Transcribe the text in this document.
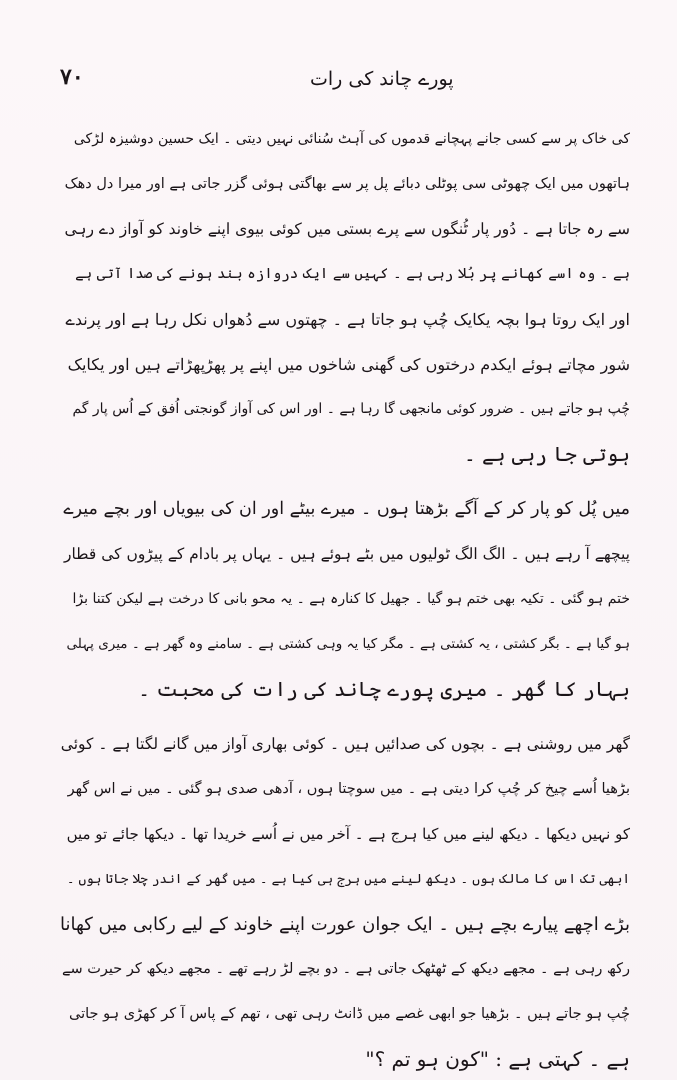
۷۰	پورے چاند کی رات
کی خاک پر سے کسی جانے پہچانے قدموں کی آہٹ سُنائی نہیں دیتی ۔ ایک حسین دوشیزہ لڑکی
ہاتھوں میں ایک چھوٹی سی پوٹلی دبائے پل پر سے بھاگتی ہوئی گزر جاتی ہے اور میرا دل دھک
سے رہ جاتا ہے ۔ دُور پار ٹُنگوں سے پرے بستی میں کوئی بیوی اپنے خاوند کو آواز دے رہی
ہے ۔ وہ اسے کھانے پر بُلا رہی ہے ۔ کہیں سے ایک دروازہ بند ہونے کی صدا آتی ہے
اور ایک روتا ہوا بچہ یکایک چُپ ہو جاتا ہے ۔ چھتوں سے دُھواں نکل رہا ہے اور پرندے
شور مچاتے ہوئے ایکدم درختوں کی گھنی شاخوں میں اپنے پر پھڑپھڑاتے ہیں اور یکایک
چُپ ہو جاتے ہیں ۔ ضرور کوئی مانجھی گا رہا ہے ۔ اور اس کی آواز گونجتی اُفق کے اُس پار گم
ہوتی جا رہی ہے ۔
میں پُل کو پار کر کے آگے بڑھتا ہوں ۔ میرے بیٹے اور ان کی بیویاں اور بچے میرے
پیچھے آ رہے ہیں ۔ الگ الگ ٹولیوں میں بٹے ہوئے ہیں ۔ یہاں پر بادام کے پیڑوں کی قطار
ختم ہو گئی ۔ تکیہ بھی ختم ہو گیا ۔ جھیل کا کنارہ ہے ۔ یہ محو بانی کا درخت ہے لیکن کتنا بڑا
ہو گیا ہے ۔ بگر کشتی ، یہ کشتی ہے ۔ مگر کیا یہ وہی کشتی ہے ۔ سامنے وہ گھر ہے ۔ میری پہلی
بہار کا گھر ۔ میری پورے چاند کی رات کی محبت ۔
گھر میں روشنی ہے ۔ بچوں کی صدائیں ہیں ۔ کوئی بھاری آواز میں گانے لگتا ہے ۔ کوئی
بڑھیا اُسے چیخ کر چُپ کرا دیتی ہے ۔ میں سوچتا ہوں ، آدھی صدی ہو گئی ۔ میں نے اس گھر
کو نہیں دیکھا ۔ دیکھ لینے میں کیا ہرج ہے ۔ آخر میں نے اُسے خریدا تھا ۔ دیکھا جائے تو میں
ابھی تک اس کا مالک ہوں ۔ دیکھ لینے میں ہرج ہی کیا ہے ۔ میں گھر کے اندر چلا جاتا ہوں ۔
بڑے اچھے پیارے بچے ہیں ۔ ایک جوان عورت اپنے خاوند کے لیے رکابی میں کھانا
رکھ رہی ہے ۔ مجھے دیکھ کے ٹھٹھک جاتی ہے ۔ دو بچے لڑ رہے تھے ۔ مجھے دیکھ کر حیرت سے
چُپ ہو جاتے ہیں ۔ بڑھیا جو ابھی غصے میں ڈانٹ رہی تھی ، تھم کے پاس آ کر کھڑی ہو جاتی
ہے ۔ کہتی ہے : "کون ہو تم ؟"
